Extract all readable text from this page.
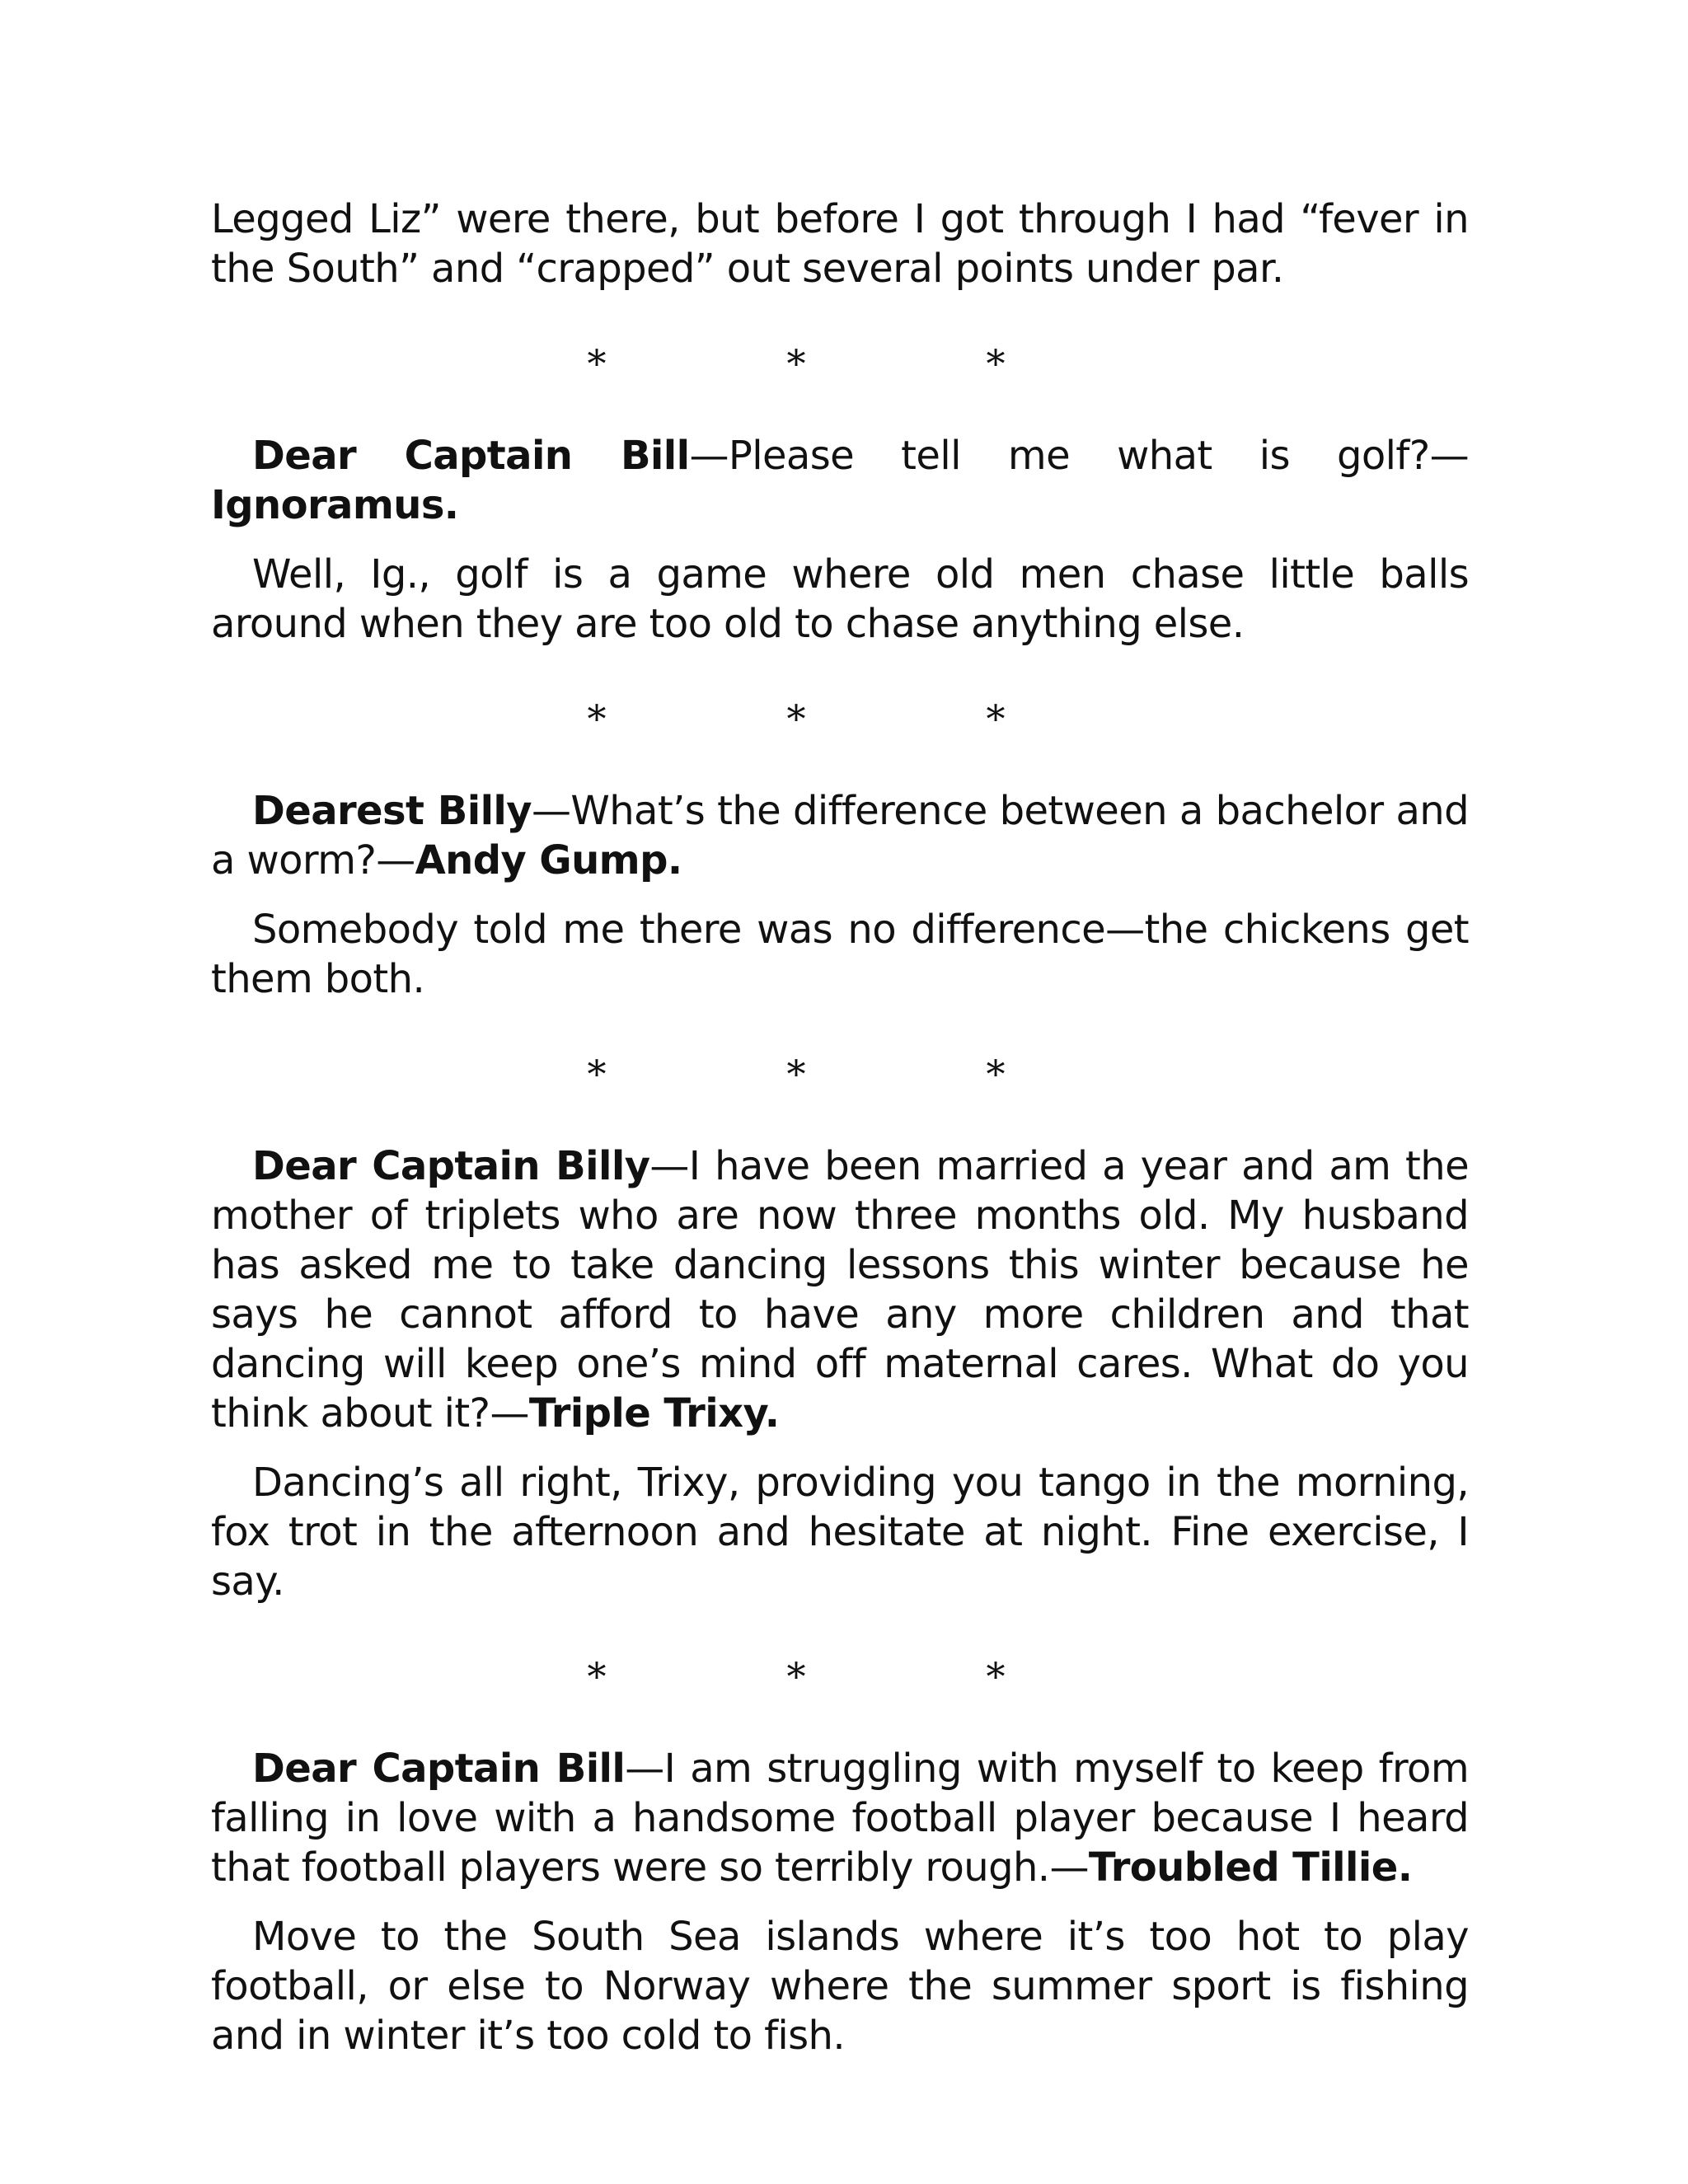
Legged Liz” were there, but before I got through I had “fever in the South” and “crapped” out several points under par.

*	*	*

Dear Captain Bill—Please tell me what is golf?—Ignoramus.

Well, Ig., golf is a game where old men chase little balls around when they are too old to chase anything else.

*	*	*

Dearest Billy—What’s the difference between a bachelor and a worm?—Andy Gump.

Somebody told me there was no difference—the chickens get them both.

*	*	*

Dear Captain Billy—I have been married a year and am the mother of triplets who are now three months old. My husband has asked me to take dancing lessons this winter because he says he cannot afford to have any more children and that dancing will keep one’s mind off maternal cares. What do you think about it?—Triple Trixy.

Dancing’s all right, Trixy, providing you tango in the morning, fox trot in the afternoon and hesitate at night. Fine exercise, I say.

*	*	*

Dear Captain Bill—I am struggling with myself to keep from falling in love with a handsome football player because I heard that football players were so terribly rough.—Troubled Tillie.

Move to the South Sea islands where it’s too hot to play football, or else to Norway where the summer sport is fishing and in winter it’s too cold to fish.
